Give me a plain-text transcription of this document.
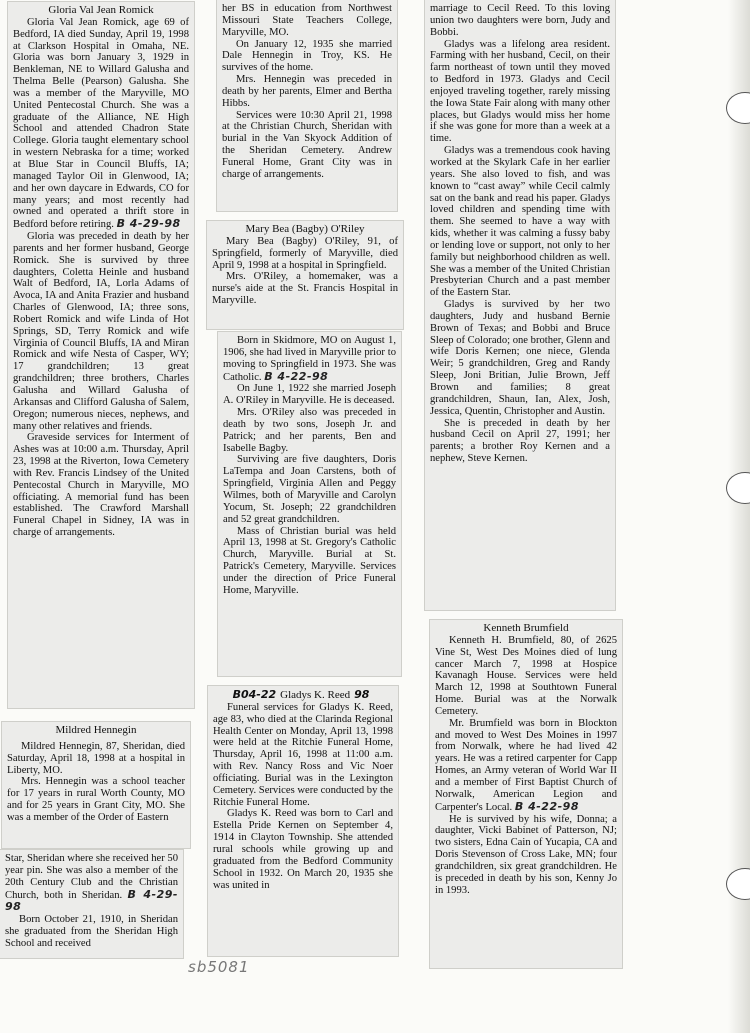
Gloria Val Jean Romick

Gloria Val Jean Romick, age 69 of Bedford, IA died Sunday, April 19, 1998 at Clarkson Hospital in Omaha, NE. Gloria was born January 3, 1929 in Benkleman, NE to Willard Galusha and Thelma Belle (Pearson) Galusha. She was a member of the Maryville, MO United Pentecostal Church. She was a graduate of the Alliance, NE High School and attended Chadron State College. Gloria taught elementary school in western Nebraska for a time; worked at Blue Star in Council Bluffs, IA; managed Taylor Oil in Glenwood, IA; and her own daycare in Edwards, CO for many years; and most recently had owned and operated a thrift store in Bedford before retiring. B 4-29-98

Gloria was preceded in death by her parents and her former husband, George Romick. She is survived by three daughters, Coletta Heinle and husband Walt of Bedford, IA, Lorla Adams of Avoca, IA and Anita Frazier and husband Charles of Glenwood, IA; three sons, Robert Romick and wife Linda of Hot Springs, SD, Terry Romick and wife Virginia of Council Bluffs, IA and Miran Romick and wife Nesta of Casper, WY; 17 grandchildren; 13 great grandchildren; three brothers, Charles Galusha and Willard Galusha of Arkansas and Clifford Galusha of Salem, Oregon; numerous nieces, nephews, and many other relatives and friends.

Graveside services for Interment of Ashes was at 10:00 a.m. Thursday, April 23, 1998 at the Riverton, Iowa Cemetery with Rev. Francis Lindsey of the United Pentecostal Church in Maryville, MO officiating. A memorial fund has been established. The Crawford Marshall Funeral Chapel in Sidney, IA was in charge of arrangements.

Mildred Hennegin

Mildred Hennegin, 87, Sheridan, died Saturday, April 18, 1998 at a hospital in Liberty, MO.

Mrs. Hennegin was a school teacher for 17 years in rural Worth County, MO and for 25 years in Grant City, MO. She was a member of the Order of Eastern

Star, Sheridan where she received her 50 year pin. She was also a member of the 20th Century Club and the Christian Church, both in Sheridan. B 4-29-98

Born October 21, 1910, in Sheridan she graduated from the Sheridan High School and received

her BS in education from Northwest Missouri State Teachers College, Maryville, MO.

On January 12, 1935 she married Dale Hennegin in Troy, KS. He survives of the home.

Mrs. Hennegin was preceded in death by her parents, Elmer and Bertha Hibbs.

Services were 10:30 April 21, 1998 at the Christian Church, Sheridan with burial in the Van Skyock Addition of the Sheridan Cemetery. Andrew Funeral Home, Grant City was in charge of arrangements.

Mary Bea (Bagby) O'Riley

Mary Bea (Bagby) O'Riley, 91, of Springfield, formerly of Maryville, died April 9, 1998 at a hospital in Springfield.

Mrs. O'Riley, a homemaker, was a nurse's aide at the St. Francis Hospital in Maryville.

Born in Skidmore, MO on August 1, 1906, she had lived in Maryville prior to moving to Springfield in 1973. She was Catholic. B 4-22-98

On June 1, 1922 she married Joseph A. O'Riley in Maryville. He is deceased.

Mrs. O'Riley also was preceded in death by two sons, Joseph Jr. and Patrick; and her parents, Ben and Isabelle Bagby.

Surviving are five daughters, Doris LaTempa and Joan Carstens, both of Springfield, Virginia Allen and Peggy Wilmes, both of Maryville and Carolyn Yocum, St. Joseph; 22 grandchildren and 52 great grandchildren.

Mass of Christian burial was held April 13, 1998 at St. Gregory's Catholic Church, Maryville. Burial at St. Patrick's Cemetery, Maryville. Services under the direction of Price Funeral Home, Maryville.

B04-22 Gladys K. Reed 98

Funeral services for Gladys K. Reed, age 83, who died at the Clarinda Regional Health Center on Monday, April 13, 1998 were held at the Ritchie Funeral Home, Thursday, April 16, 1998 at 11:00 a.m. with Rev. Nancy Ross and Vic Noer officiating. Burial was in the Lexington Cemetery. Services were conducted by the Ritchie Funeral Home.

Gladys K. Reed was born to Carl and Estella Pride Kernen on September 4, 1914 in Clayton Township. She attended rural schools while growing up and graduated from the Bedford Community School in 1932. On March 20, 1935 she was united in

marriage to Cecil Reed. To this loving union two daughters were born, Judy and Bobbi.

Gladys was a lifelong area resident. Farming with her husband, Cecil, on their farm northeast of town until they moved to Bedford in 1973. Gladys and Cecil enjoyed traveling together, rarely missing the Iowa State Fair along with many other places, but Gladys would miss her home if she was gone for more than a week at a time.

Gladys was a tremendous cook having worked at the Skylark Cafe in her earlier years. She also loved to fish, and was known to “cast away” while Cecil calmly sat on the bank and read his paper. Gladys loved children and spending time with them. She seemed to have a way with kids, whether it was calming a fussy baby or lending love or support, not only to her family but neighborhood children as well. She was a member of the United Christian Presbyterian Church and a past member of the Eastern Star.

Gladys is survived by her two daughters, Judy and husband Bernie Brown of Texas; and Bobbi and Bruce Sleep of Colorado; one brother, Glenn and wife Doris Kernen; one niece, Glenda Weir; 5 grandchildren, Greg and Randy Sleep, Joni Britian, Julie Brown, Jeff Brown and families; 8 great grandchildren, Shaun, Ian, Alex, Josh, Jessica, Quentin, Christopher and Austin.

She is preceded in death by her husband Cecil on April 27, 1991; her parents; a brother Roy Kernen and a nephew, Steve Kernen.

Kenneth Brumfield

Kenneth H. Brumfield, 80, of 2625 Vine St, West Des Moines died of lung cancer March 7, 1998 at Hospice Kavanagh House. Services were held March 12, 1998 at Southtown Funeral Home. Burial was at the Norwalk Cemetery.

Mr. Brumfield was born in Blockton and moved to West Des Moines in 1997 from Norwalk, where he had lived 42 years. He was a retired carpenter for Capp Homes, an Army veteran of World War II and a member of First Baptist Church of Norwalk, American Legion and Carpenter's Local. B 4-22-98

He is survived by his wife, Donna; a daughter, Vicki Babinet of Patterson, NJ; two sisters, Edna Cain of Yucapia, CA and Doris Stevenson of Cross Lake, MN; four grandchildren, six great grandchildren. He is preceded in death by his son, Kenny Jo in 1993.

sb5081
